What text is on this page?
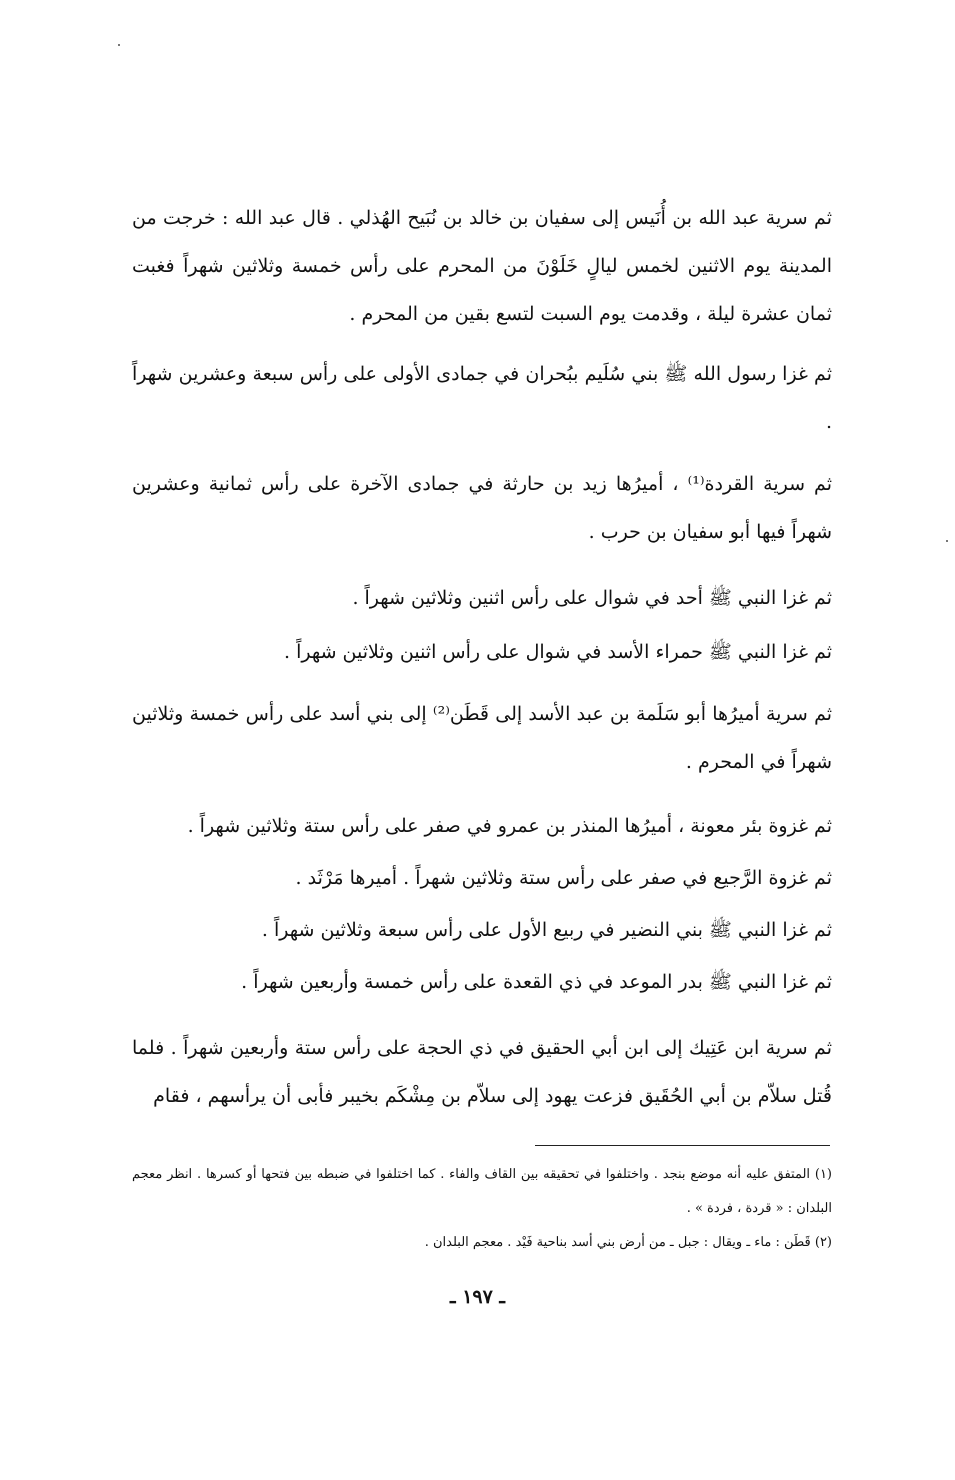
ثم سرية عبد الله بن أُنَيس إلى سفيان بن خالد بن نُبَيح الهُذلي . قال عبد الله : خرجت من المدينة يوم الاثنين لخمس ليالٍ خَلَوْنَ من المحرم على رأس خمسة وثلاثين شهراً فغبت ثمان عشرة ليلة ، وقدمت يوم السبت لتسع بقين من المحرم .

ثم غزا رسول الله ﷺ بني سُلَيم ببُحران في جمادى الأولى على رأس سبعة وعشرين شهراً .

ثم سرية القردة⁽¹⁾ ، أميرُها زيد بن حارثة في جمادى الآخرة على رأس ثمانية وعشرين شهراً فيها أبو سفيان بن حرب .

ثم غزا النبي ﷺ أحد في شوال على رأس اثنين وثلاثين شهراً .
ثم غزا النبي ﷺ حمراء الأسد في شوال على رأس اثنين وثلاثين شهراً .

ثم سرية أميرُها أبو سَلَمة بن عبد الأسد إلى قَطَن⁽²⁾ إلى بني أسد على رأس خمسة وثلاثين شهراً في المحرم .

ثم غزوة بئر معونة ، أميرُها المنذر بن عمرو في صفر على رأس ستة وثلاثين شهراً .
ثم غزوة الرَّجيع في صفر على رأس ستة وثلاثين شهراً . أميرها مَرْثَد .
ثم غزا النبي ﷺ بني النضير في ربيع الأول على رأس سبعة وثلاثين شهراً .
ثم غزا النبي ﷺ بدر الموعد في ذي القعدة على رأس خمسة وأربعين شهراً .

ثم سرية ابن عَتِيك إلى ابن أبي الحقيق في ذي الحجة على رأس ستة وأربعين شهراً . فلما قُتل سلاّم بن أبي الحُقَيق فزعت يهود إلى سلاّم بن مِشْكَم بخيبر فأبى أن يرأسهم ، فقام

(١) المتفق عليه أنه موضع بنجد . واختلفوا في تحقيقه بين القاف والفاء . كما اختلفوا في ضبطه بين فتحها أو كسرها . انظر معجم البلدان : « قردة ، فردة » .
(٢) قَطَن : ماء ـ ويقال : جبل ـ من أرض بني أسد بناحية فَيْد . معجم البلدان .
ـ ١٩٧ ـ
